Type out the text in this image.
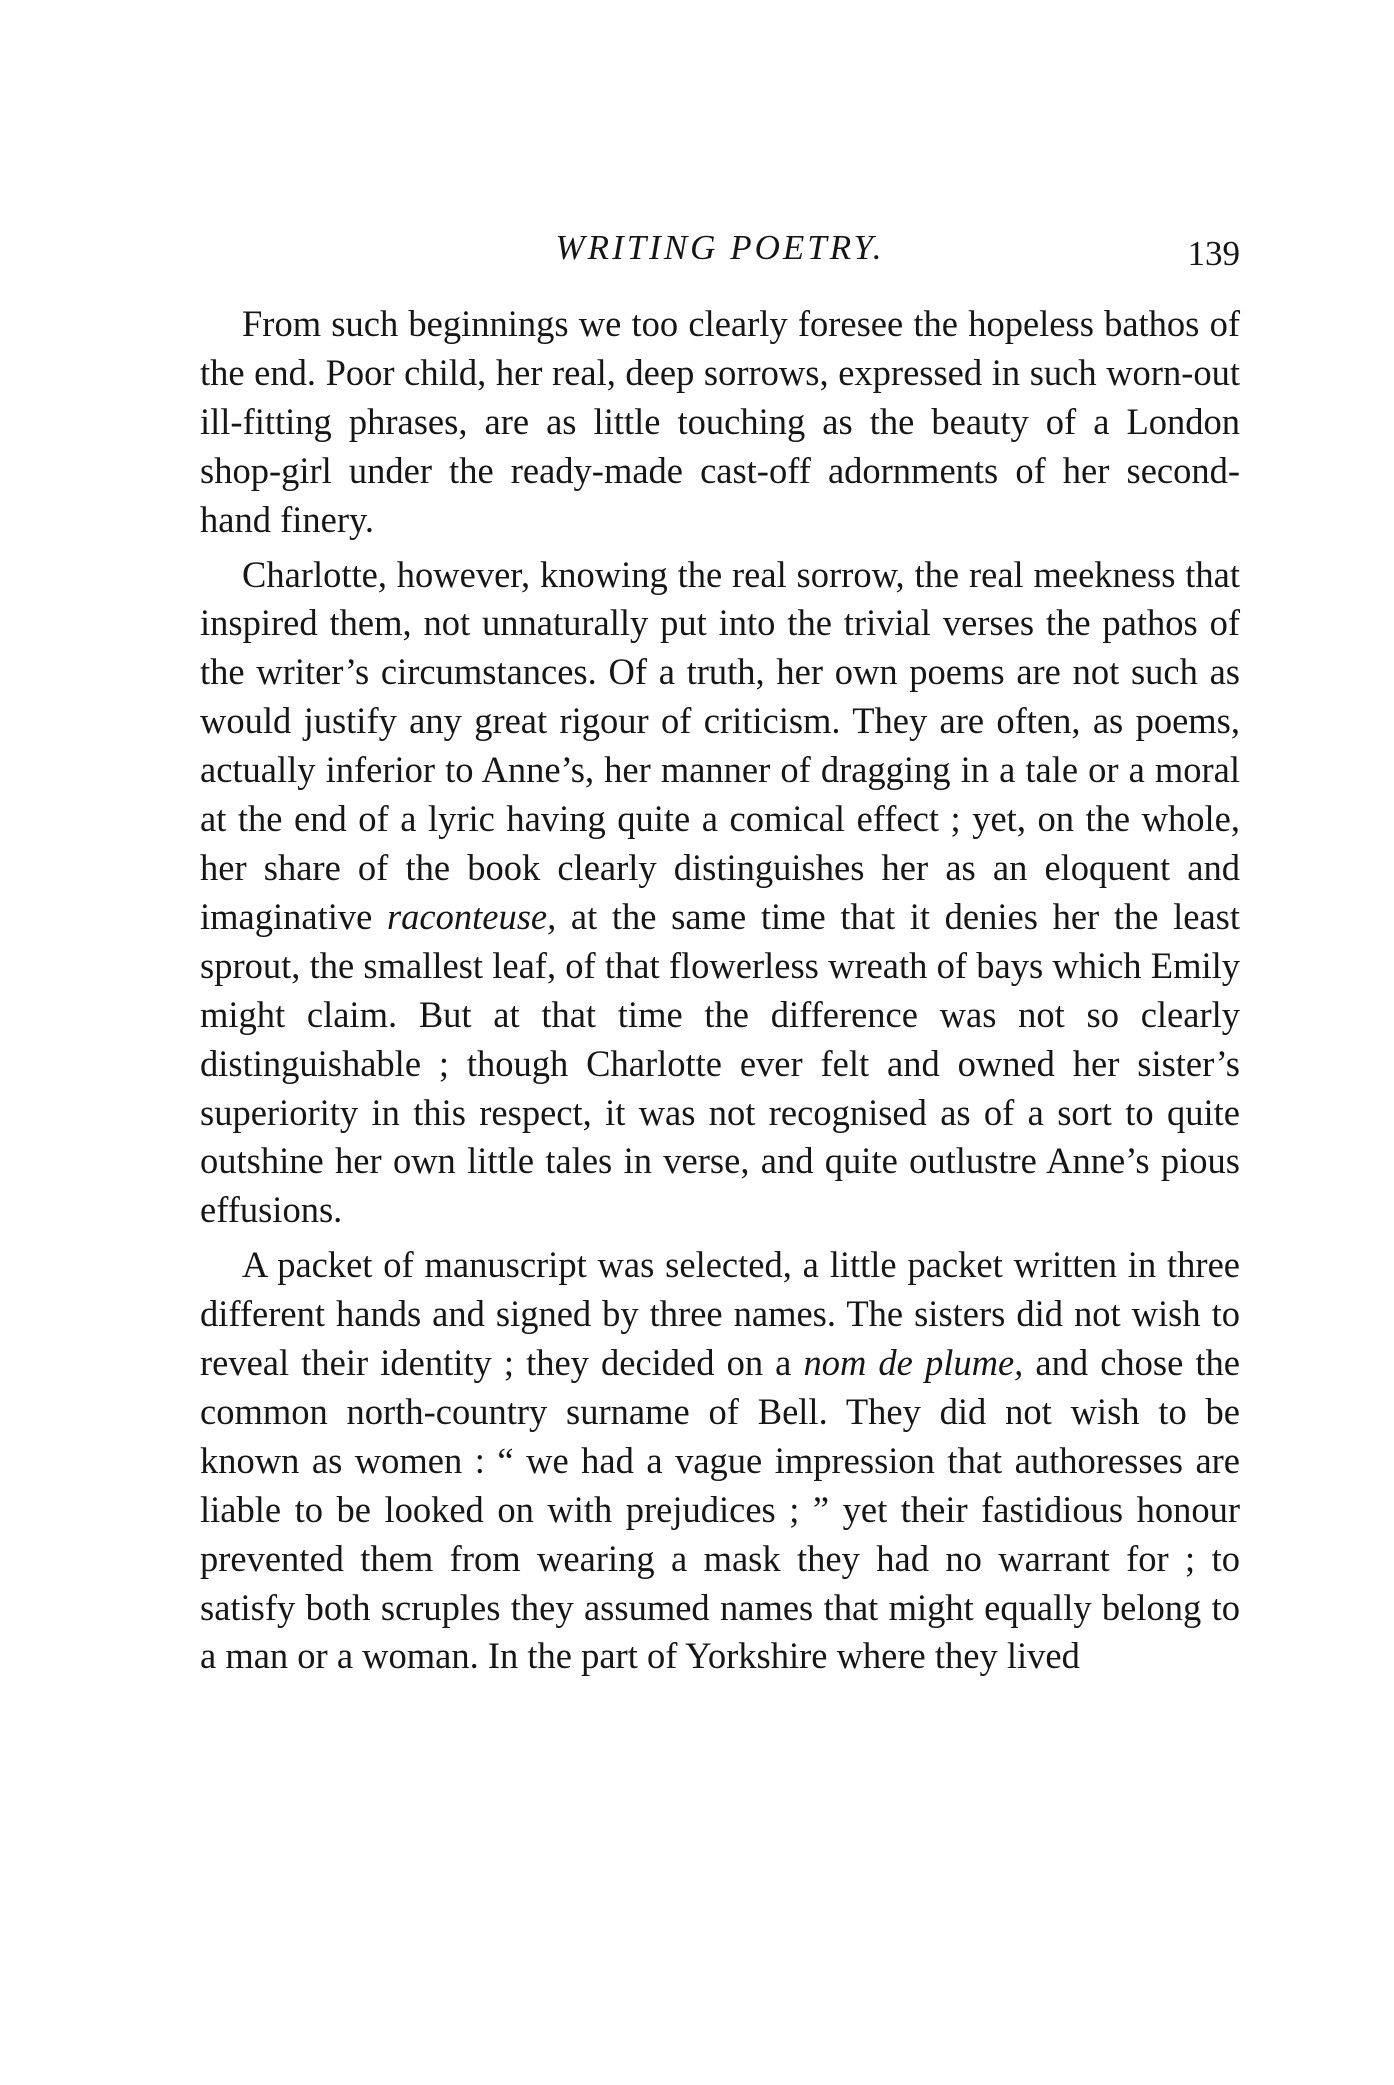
WRITING POETRY.	139

From such beginnings we too clearly foresee the hopeless bathos of the end. Poor child, her real, deep sorrows, expressed in such worn-out ill-fitting phrases, are as little touching as the beauty of a London shop-girl under the ready-made cast-off adornments of her second-hand finery.

Charlotte, however, knowing the real sorrow, the real meekness that inspired them, not unnaturally put into the trivial verses the pathos of the writer’s circumstances. Of a truth, her own poems are not such as would justify any great rigour of criticism. They are often, as poems, actually inferior to Anne’s, her manner of dragging in a tale or a moral at the end of a lyric having quite a comical effect ; yet, on the whole, her share of the book clearly distinguishes her as an eloquent and imaginative raconteuse, at the same time that it denies her the least sprout, the smallest leaf, of that flowerless wreath of bays which Emily might claim. But at that time the difference was not so clearly distinguishable ; though Charlotte ever felt and owned her sister’s superiority in this respect, it was not recognised as of a sort to quite outshine her own little tales in verse, and quite outlustre Anne’s pious effusions.

A packet of manuscript was selected, a little packet written in three different hands and signed by three names. The sisters did not wish to reveal their identity ; they decided on a nom de plume, and chose the common north-country surname of Bell. They did not wish to be known as women : “ we had a vague impression that authoresses are liable to be looked on with prejudices ; ” yet their fastidious honour prevented them from wearing a mask they had no warrant for ; to satisfy both scruples they assumed names that might equally belong to a man or a woman. In the part of Yorkshire where they lived
